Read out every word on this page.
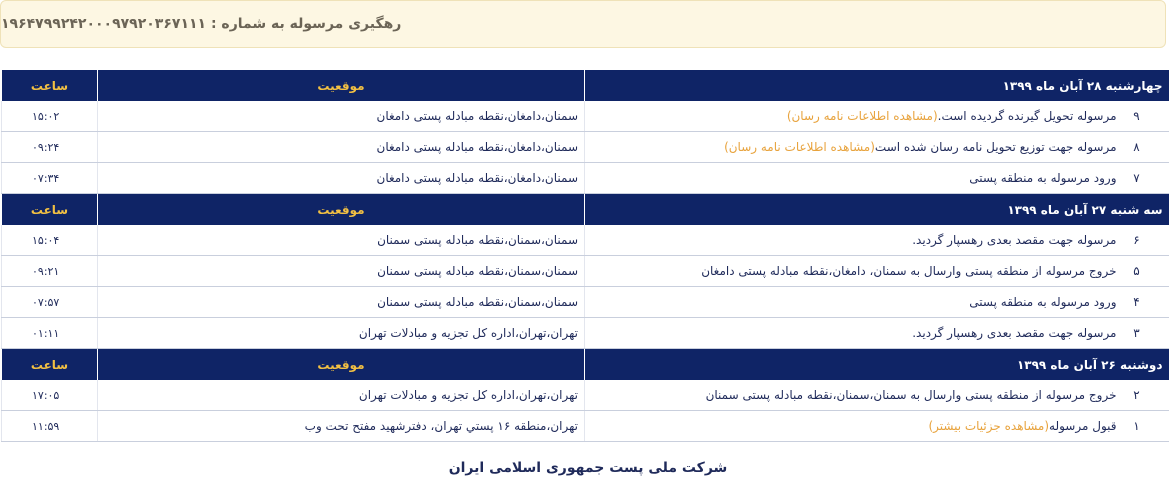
رهگیری مرسوله به شماره : ۱۹۶۴۷۹۹۲۴۲۰۰۰۹۷۹۲۰۳۶۷۱۱۱
چهارشنبه ۲۸ آبان ماه ۱۳۹۹	موقعیت	ساعت
۹مرسوله تحویل گیرنده گردیده است.(مشاهده اطلاعات نامه رسان)	سمنان،دامغان،نقطه مبادله پستی دامغان	۱۵:۰۲
۸مرسوله جهت توزیع تحویل نامه رسان شده است(مشاهده اطلاعات نامه رسان)	سمنان،دامغان،نقطه مبادله پستی دامغان	۰۹:۲۴
۷ورود مرسوله به منطقه پستی	سمنان،دامغان،نقطه مبادله پستی دامغان	۰۷:۳۴
سه شنبه ۲۷ آبان ماه ۱۳۹۹	موقعیت	ساعت
۶مرسوله جهت مقصد بعدی رهسپار گردید.	سمنان،سمنان،نقطه مبادله پستی سمنان	۱۵:۰۴
۵خروج مرسوله از منطقه پستی وارسال به سمنان، دامغان،نقطه مبادله پستی دامغان	سمنان،سمنان،نقطه مبادله پستی سمنان	۰۹:۲۱
۴ورود مرسوله به منطقه پستی	سمنان،سمنان،نقطه مبادله پستی سمنان	۰۷:۵۷
۳مرسوله جهت مقصد بعدی رهسپار گردید.	تهران،تهران،اداره کل تجزیه و مبادلات تهران	۰۱:۱۱
دوشنبه ۲۶ آبان ماه ۱۳۹۹	موقعیت	ساعت
۲خروج مرسوله از منطقه پستی وارسال به سمنان،سمنان،نقطه مبادله پستی سمنان	تهران،تهران،اداره کل تجزیه و مبادلات تهران	۱۷:۰۵
۱قبول مرسوله(مشاهده جزئیات بیشتر)	تهران،منطقه ۱۶ پستي تهران، دفترشهید مفتح تحت وب	۱۱:۵۹
شرکت ملی پست جمهوری اسلامی ایران
